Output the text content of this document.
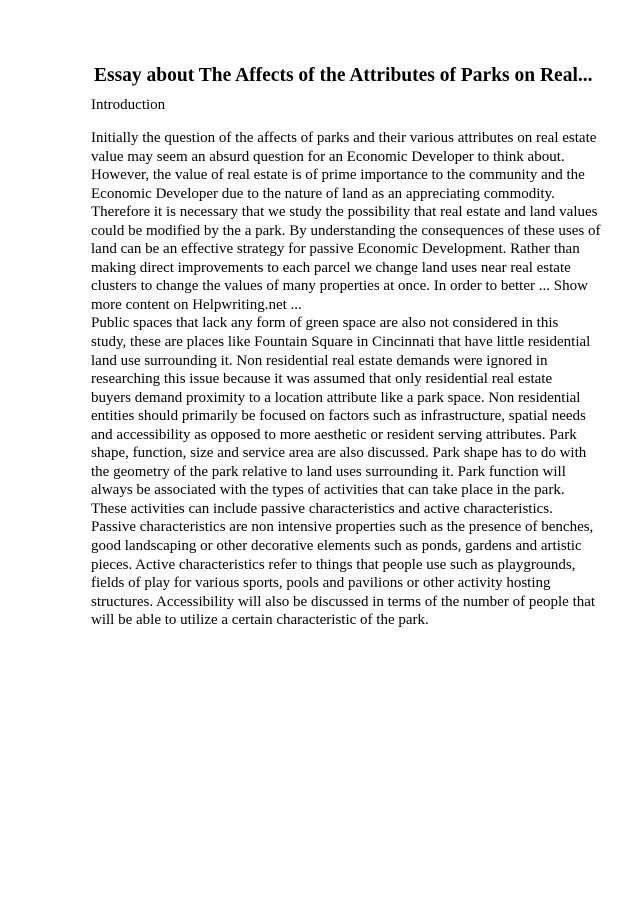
Essay about The Affects of the Attributes of Parks on Real...
Introduction
Initially the question of the affects of parks and their various attributes on real estate
value may seem an absurd question for an Economic Developer to think about.
However, the value of real estate is of prime importance to the community and the
Economic Developer due to the nature of land as an appreciating commodity.
Therefore it is necessary that we study the possibility that real estate and land values
could be modified by the a park. By understanding the consequences of these uses of
land can be an effective strategy for passive Economic Development. Rather than
making direct improvements to each parcel we change land uses near real estate
clusters to change the values of many properties at once. In order to better ... Show
more content on Helpwriting.net ...
Public spaces that lack any form of green space are also not considered in this
study, these are places like Fountain Square in Cincinnati that have little residential
land use surrounding it. Non residential real estate demands were ignored in
researching this issue because it was assumed that only residential real estate
buyers demand proximity to a location attribute like a park space. Non residential
entities should primarily be focused on factors such as infrastructure, spatial needs
and accessibility as opposed to more aesthetic or resident serving attributes. Park
shape, function, size and service area are also discussed. Park shape has to do with
the geometry of the park relative to land uses surrounding it. Park function will
always be associated with the types of activities that can take place in the park.
These activities can include passive characteristics and active characteristics.
Passive characteristics are non intensive properties such as the presence of benches,
good landscaping or other decorative elements such as ponds, gardens and artistic
pieces. Active characteristics refer to things that people use such as playgrounds,
fields of play for various sports, pools and pavilions or other activity hosting
structures. Accessibility will also be discussed in terms of the number of people that
will be able to utilize a certain characteristic of the park.
